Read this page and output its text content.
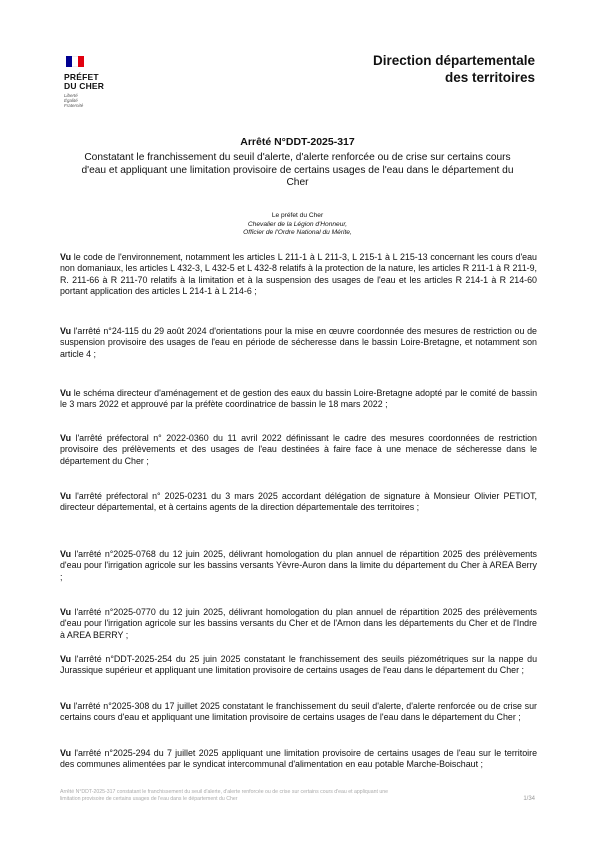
PRÉFET
DU CHER
Liberté
Égalité
Fraternité
Direction départementale
des territoires
Arrêté N°DDT-2025-317
Constatant le franchissement du seuil d'alerte, d'alerte renforcée ou de crise sur certains cours d'eau et appliquant une limitation provisoire de certains usages de l'eau dans le département du Cher
Le préfet du Cher
Chevalier de la Légion d'Honneur,
Officier de l'Ordre National du Mérite,

Vu le code de l'environnement, notamment les articles L 211-1 à L 211-3, L 215-1 à L 215-13 concernant les cours d'eau non domaniaux, les articles L 432-3, L 432-5 et L 432-8 relatifs à la protection de la nature, les articles R 211-1 à R 211-9, R. 211-66 à R 211-70 relatifs à la limitation et à la suspension des usages de l'eau et les articles R 214-1 à R 214-60 portant application des articles L 214-1 à L 214-6 ;

Vu l'arrêté n°24-115 du 29 août 2024 d'orientations pour la mise en œuvre coordonnée des mesures de restriction ou de suspension provisoire des usages de l'eau en période de sécheresse dans le bassin Loire-Bretagne, et notamment son article 4 ;

Vu le schéma directeur d'aménagement et de gestion des eaux du bassin Loire-Bretagne adopté par le comité de bassin le 3 mars 2022 et approuvé par la préfète coordinatrice de bassin le 18 mars 2022 ;

Vu l'arrêté préfectoral n° 2022-0360 du 11 avril 2022 définissant le cadre des mesures coordonnées de restriction provisoire des prélèvements et des usages de l'eau destinées à faire face à une menace de sécheresse dans le département du Cher ;

Vu l'arrêté préfectoral n° 2025-0231 du 3 mars 2025 accordant délégation de signature à Monsieur Olivier PETIOT, directeur départemental, et à certains agents de la direction départementale des territoires ;

Vu l'arrêté n°2025-0768 du 12 juin 2025, délivrant homologation du plan annuel de répartition 2025 des prélèvements d'eau pour l'irrigation agricole sur les bassins versants Yèvre-Auron dans la limite du département du Cher à AREA Berry ;

Vu l'arrêté n°2025-0770 du 12 juin 2025, délivrant homologation du plan annuel de répartition 2025 des prélèvements d'eau pour l'irrigation agricole sur les bassins versants du Cher et de l'Arnon dans les départements du Cher et de l'Indre à AREA BERRY ;

Vu l'arrêté n°DDT-2025-254 du 25 juin 2025 constatant le franchissement des seuils piézométriques sur la nappe du Jurassique supérieur et appliquant une limitation provisoire de certains usages de l'eau dans le département du Cher ;

Vu l'arrêté n°2025-308 du 17 juillet 2025 constatant le franchissement du seuil d'alerte, d'alerte renforcée ou de crise sur certains cours d'eau et appliquant une limitation provisoire de certains usages de l'eau dans le département du Cher ;

Vu l'arrêté n°2025-294 du 7 juillet 2025 appliquant une limitation provisoire de certains usages de l'eau sur le territoire des communes alimentées par le syndicat intercommunal d'alimentation en eau potable Marche-Boischaut ;

Arrêté N°DDT-2025-317 constatant le franchissement du seuil d'alerte, d'alerte renforcée ou de crise sur certains cours d'eau et appliquant une
limitation provisoire de certains usages de l'eau dans le département du Cher	1/34
